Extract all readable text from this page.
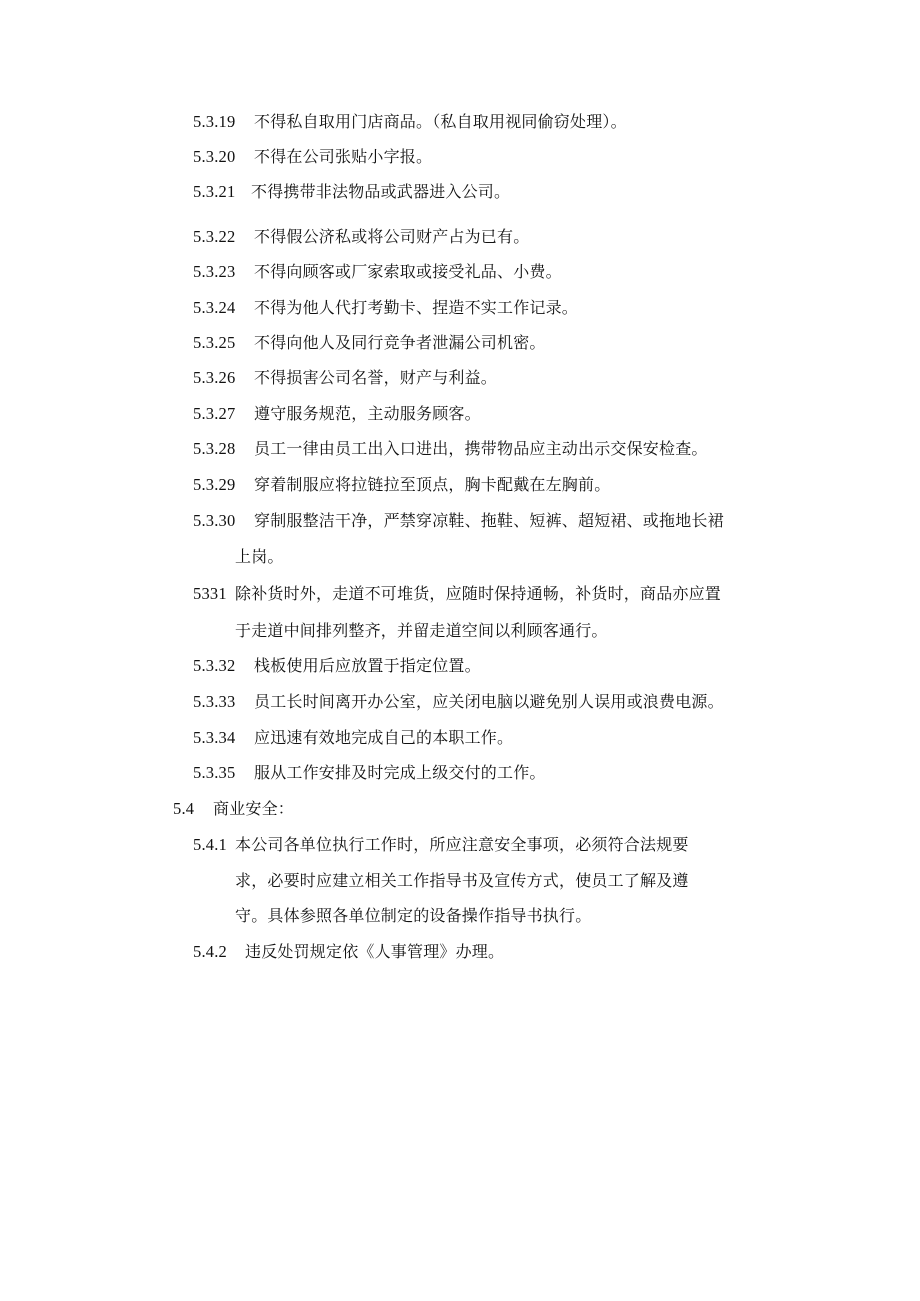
5.3.19 不得私自取用门店商品。（私自取用视同偷窃处理）。
5.3.20 不得在公司张贴小字报。
5.3.21 不得携带非法物品或武器进入公司。
5.3.22 不得假公济私或将公司财产占为已有。
5.3.23 不得向顾客或厂家索取或接受礼品、小费。
5.3.24 不得为他人代打考勤卡、捏造不实工作记录。
5.3.25 不得向他人及同行竞争者泄漏公司机密。
5.3.26 不得损害公司名誉，财产与利益。
5.3.27 遵守服务规范，主动服务顾客。
5.3.28 员工一律由员工出入口进出，携带物品应主动出示交保安检查。
5.3.29 穿着制服应将拉链拉至顶点，胸卡配戴在左胸前。
5.3.30 穿制服整洁干净，严禁穿凉鞋、拖鞋、短裤、超短裙、或拖地长裙
上岗。
5331 除补货时外，走道不可堆货，应随时保持通畅，补货时，商品亦应置
于走道中间排列整齐，并留走道空间以利顾客通行。
5.3.32 栈板使用后应放置于指定位置。
5.3.33 员工长时间离开办公室，应关闭电脑以避免别人误用或浪费电源。
5.3.34 应迅速有效地完成自己的本职工作。
5.3.35 服从工作安排及时完成上级交付的工作。
5.4 商业安全：
5.4.1 本公司各单位执行工作时，所应注意安全事项，必须符合法规要
求，必要时应建立相关工作指导书及宣传方式，使员工了解及遵
守。具体参照各单位制定的设备操作指导书执行。
5.4.2 违反处罚规定依《人事管理》办理。
